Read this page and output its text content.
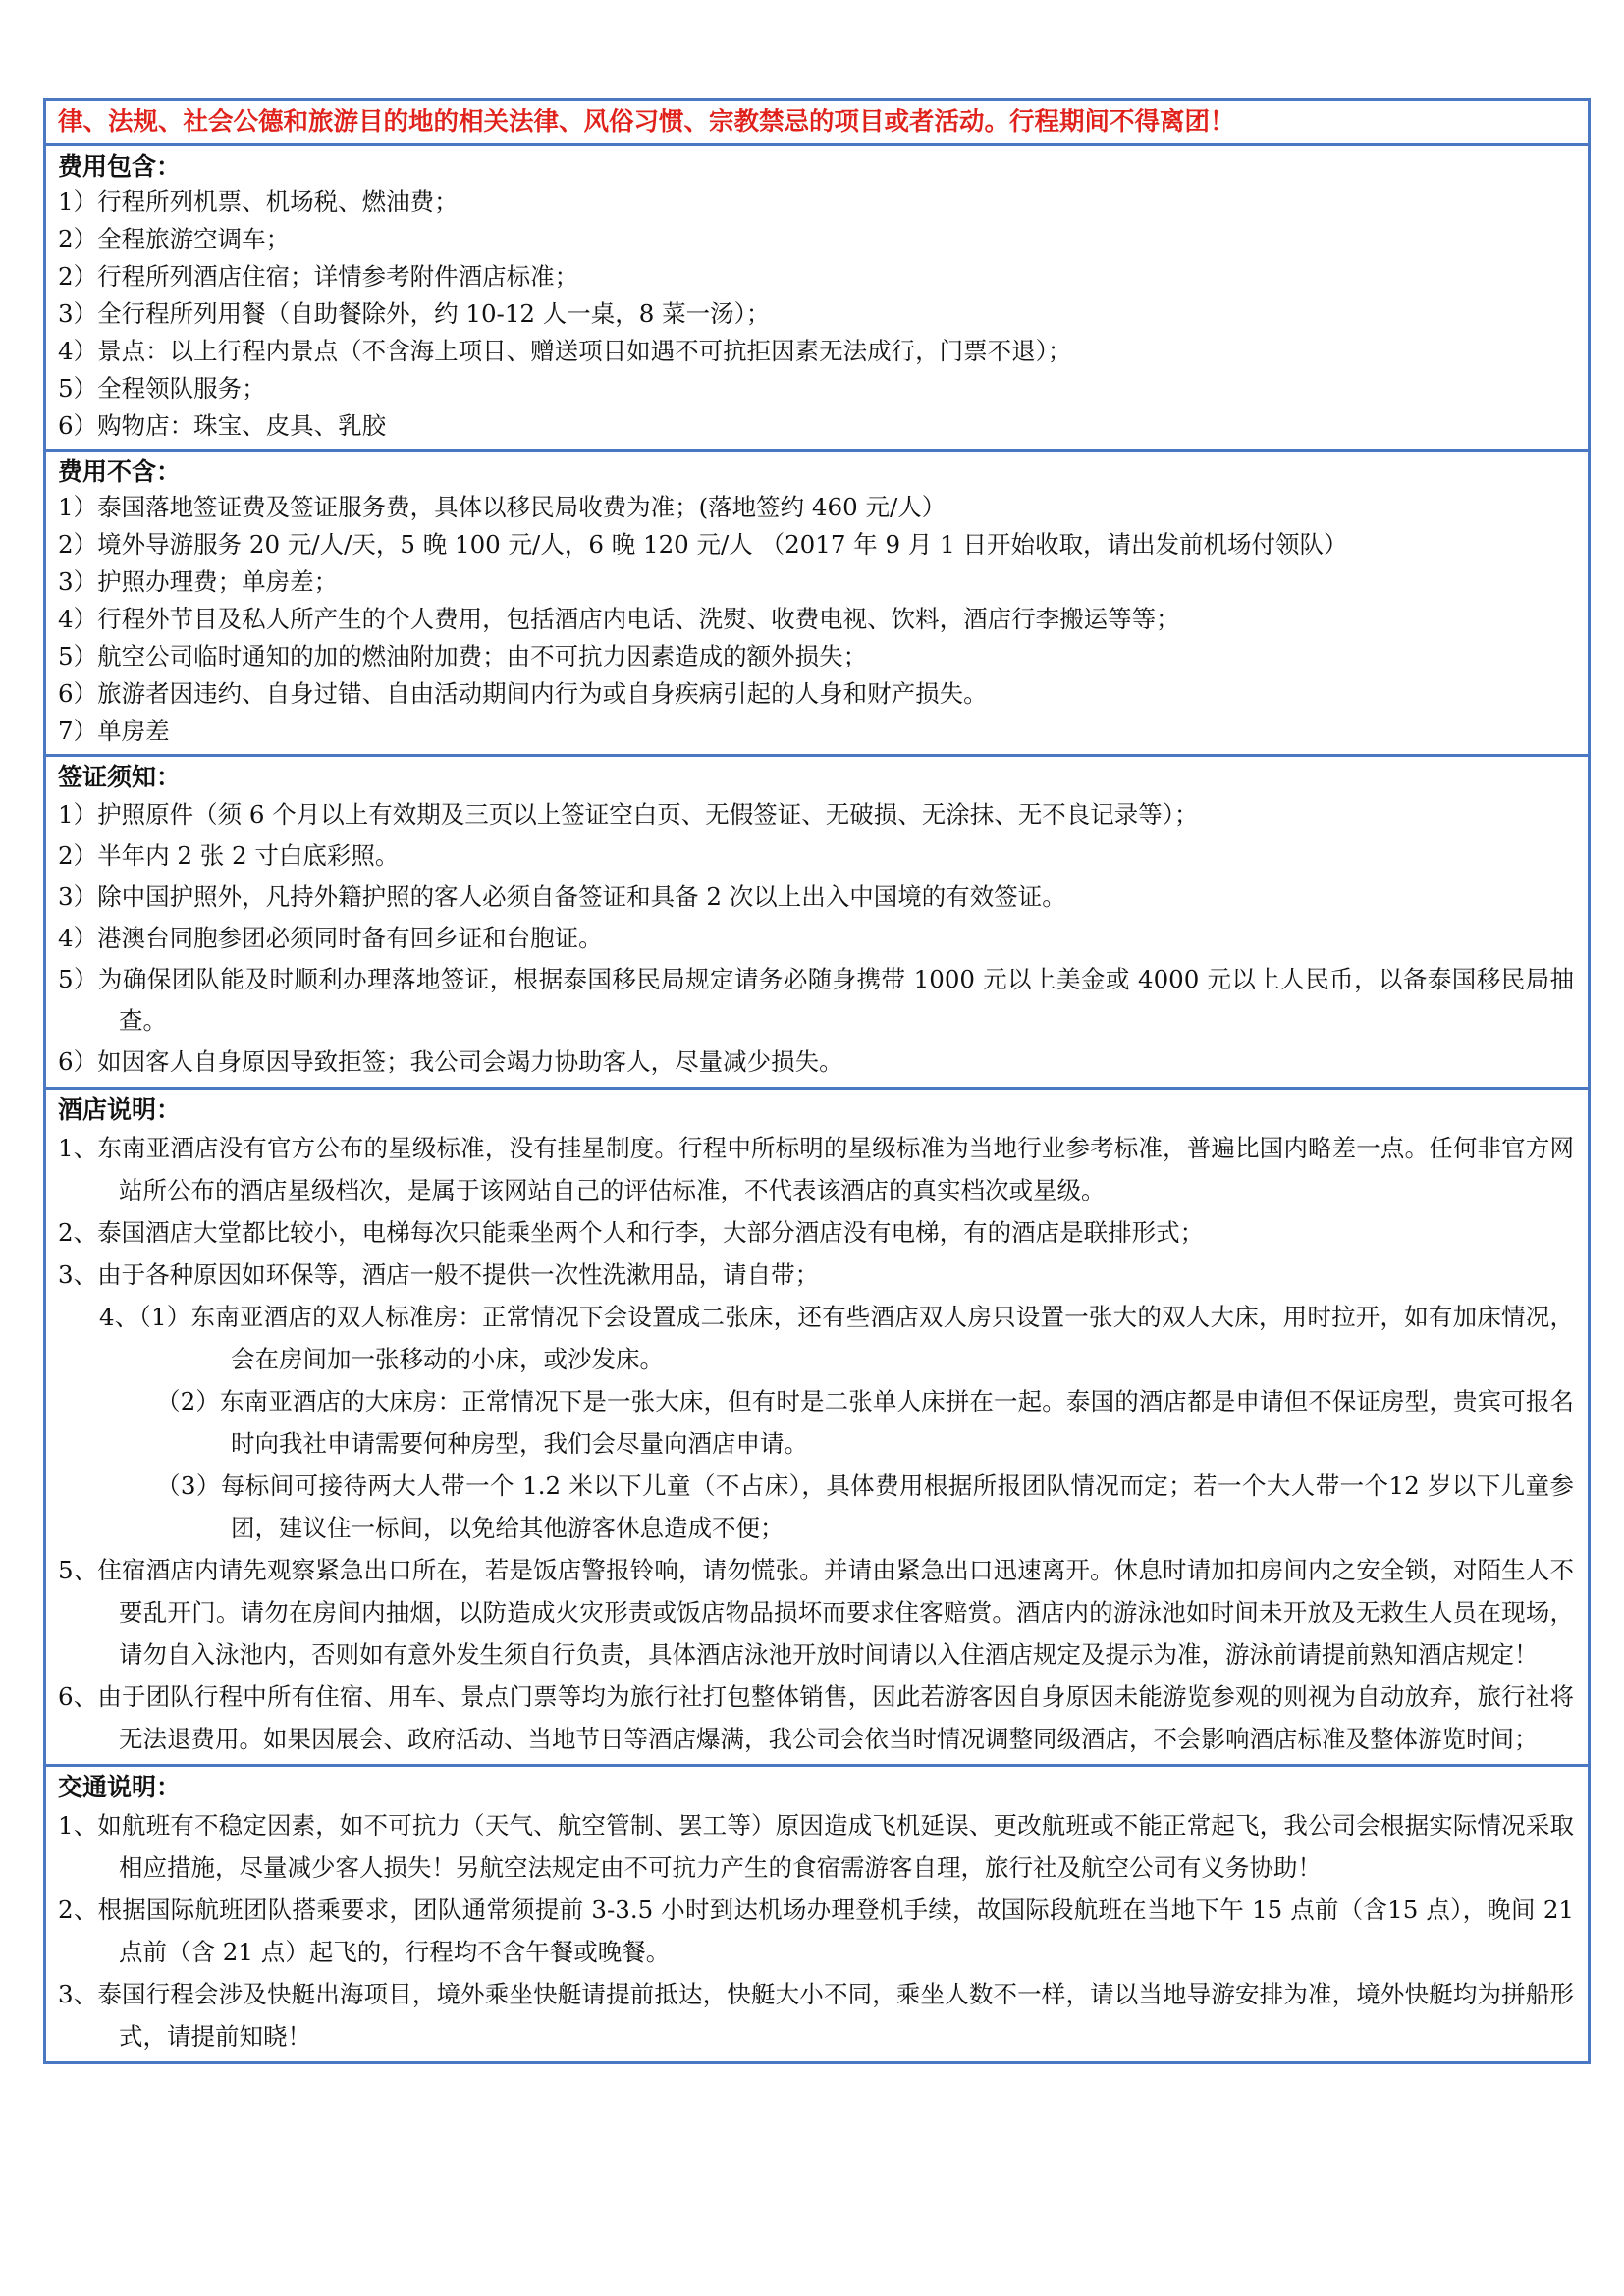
律、法规、社会公德和旅游目的地的相关法律、风俗习惯、宗教禁忌的项目或者活动。行程期间不得离团！
费用包含：
1）行程所列机票、机场税、燃油费；
2）全程旅游空调车；
2）行程所列酒店住宿；详情参考附件酒店标准；
3）全行程所列用餐（自助餐除外，约 10-12 人一桌，8 菜一汤）；
4）景点：以上行程内景点（不含海上项目、赠送项目如遇不可抗拒因素无法成行，门票不退）；
5）全程领队服务；
6）购物店：珠宝、皮具、乳胶
费用不含：
1）泰国落地签证费及签证服务费，具体以移民局收费为准；(落地签约 460 元/人）
2）境外导游服务 20 元/人/天，5 晚 100 元/人，6 晚 120 元/人 （2017 年 9 月 1 日开始收取，请出发前机场付领队）
3）护照办理费；单房差；
4）行程外节目及私人所产生的个人费用，包括酒店内电话、洗熨、收费电视、饮料，酒店行李搬运等等；
5）航空公司临时通知的加的燃油附加费；由不可抗力因素造成的额外损失；
6）旅游者因违约、自身过错、自由活动期间内行为或自身疾病引起的人身和财产损失。
7）单房差
签证须知：
1）护照原件（须 6 个月以上有效期及三页以上签证空白页、无假签证、无破损、无涂抹、无不良记录等）；
2）半年内 2 张 2 寸白底彩照。
3）除中国护照外，凡持外籍护照的客人必须自备签证和具备 2 次以上出入中国境的有效签证。
4）港澳台同胞参团必须同时备有回乡证和台胞证。
5）为确保团队能及时顺利办理落地签证，根据泰国移民局规定请务必随身携带 1000 元以上美金或 4000 元以上人民币，以备泰国移民局抽查。
6）如因客人自身原因导致拒签；我公司会竭力协助客人，尽量减少损失。
酒店说明：
1、东南亚酒店没有官方公布的星级标准，没有挂星制度。行程中所标明的星级标准为当地行业参考标准，普遍比国内略差一点。任何非官方网站所公布的酒店星级档次，是属于该网站自己的评估标准，不代表该酒店的真实档次或星级。
2、泰国酒店大堂都比较小，电梯每次只能乘坐两个人和行李，大部分酒店没有电梯，有的酒店是联排形式；
3、由于各种原因如环保等，酒店一般不提供一次性洗漱用品，请自带；
4、（1）东南亚酒店的双人标准房：正常情况下会设置成二张床，还有些酒店双人房只设置一张大的双人大床，用时拉开，如有加床情况，会在房间加一张移动的小床，或沙发床。
（2）东南亚酒店的大床房：正常情况下是一张大床，但有时是二张单人床拼在一起。泰国的酒店都是申请但不保证房型，贵宾可报名时向我社申请需要何种房型，我们会尽量向酒店申请。
（3）每标间可接待两大人带一个 1.2 米以下儿童（不占床），具体费用根据所报团队情况而定；若一个大人带一个12 岁以下儿童参团，建议住一标间，以免给其他游客休息造成不便；
5、住宿酒店内请先观察紧急出口所在，若是饭店警报铃响，请勿慌张。并请由紧急出口迅速离开。休息时请加扣房间内之安全锁，对陌生人不要乱开门。请勿在房间内抽烟，以防造成火灾形责或饭店物品损坏而要求住客赔赏。酒店内的游泳池如时间未开放及无救生人员在现场，请勿自入泳池内，否则如有意外发生须自行负责，具体酒店泳池开放时间请以入住酒店规定及提示为准，游泳前请提前熟知酒店规定！
6、由于团队行程中所有住宿、用车、景点门票等均为旅行社打包整体销售，因此若游客因自身原因未能游览参观的则视为自动放弃，旅行社将无法退费用。如果因展会、政府活动、当地节日等酒店爆满，我公司会依当时情况调整同级酒店，不会影响酒店标准及整体游览时间；
交通说明：
1、如航班有不稳定因素，如不可抗力（天气、航空管制、罢工等）原因造成飞机延误、更改航班或不能正常起飞，我公司会根据实际情况采取相应措施，尽量减少客人损失！另航空法规定由不可抗力产生的食宿需游客自理，旅行社及航空公司有义务协助！
2、根据国际航班团队搭乘要求，团队通常须提前 3-3.5 小时到达机场办理登机手续，故国际段航班在当地下午 15 点前（含15 点），晚间 21 点前（含 21 点）起飞的，行程均不含午餐或晚餐。
3、泰国行程会涉及快艇出海项目，境外乘坐快艇请提前抵达，快艇大小不同，乘坐人数不一样，请以当地导游安排为准，境外快艇均为拼船形式，请提前知晓！
